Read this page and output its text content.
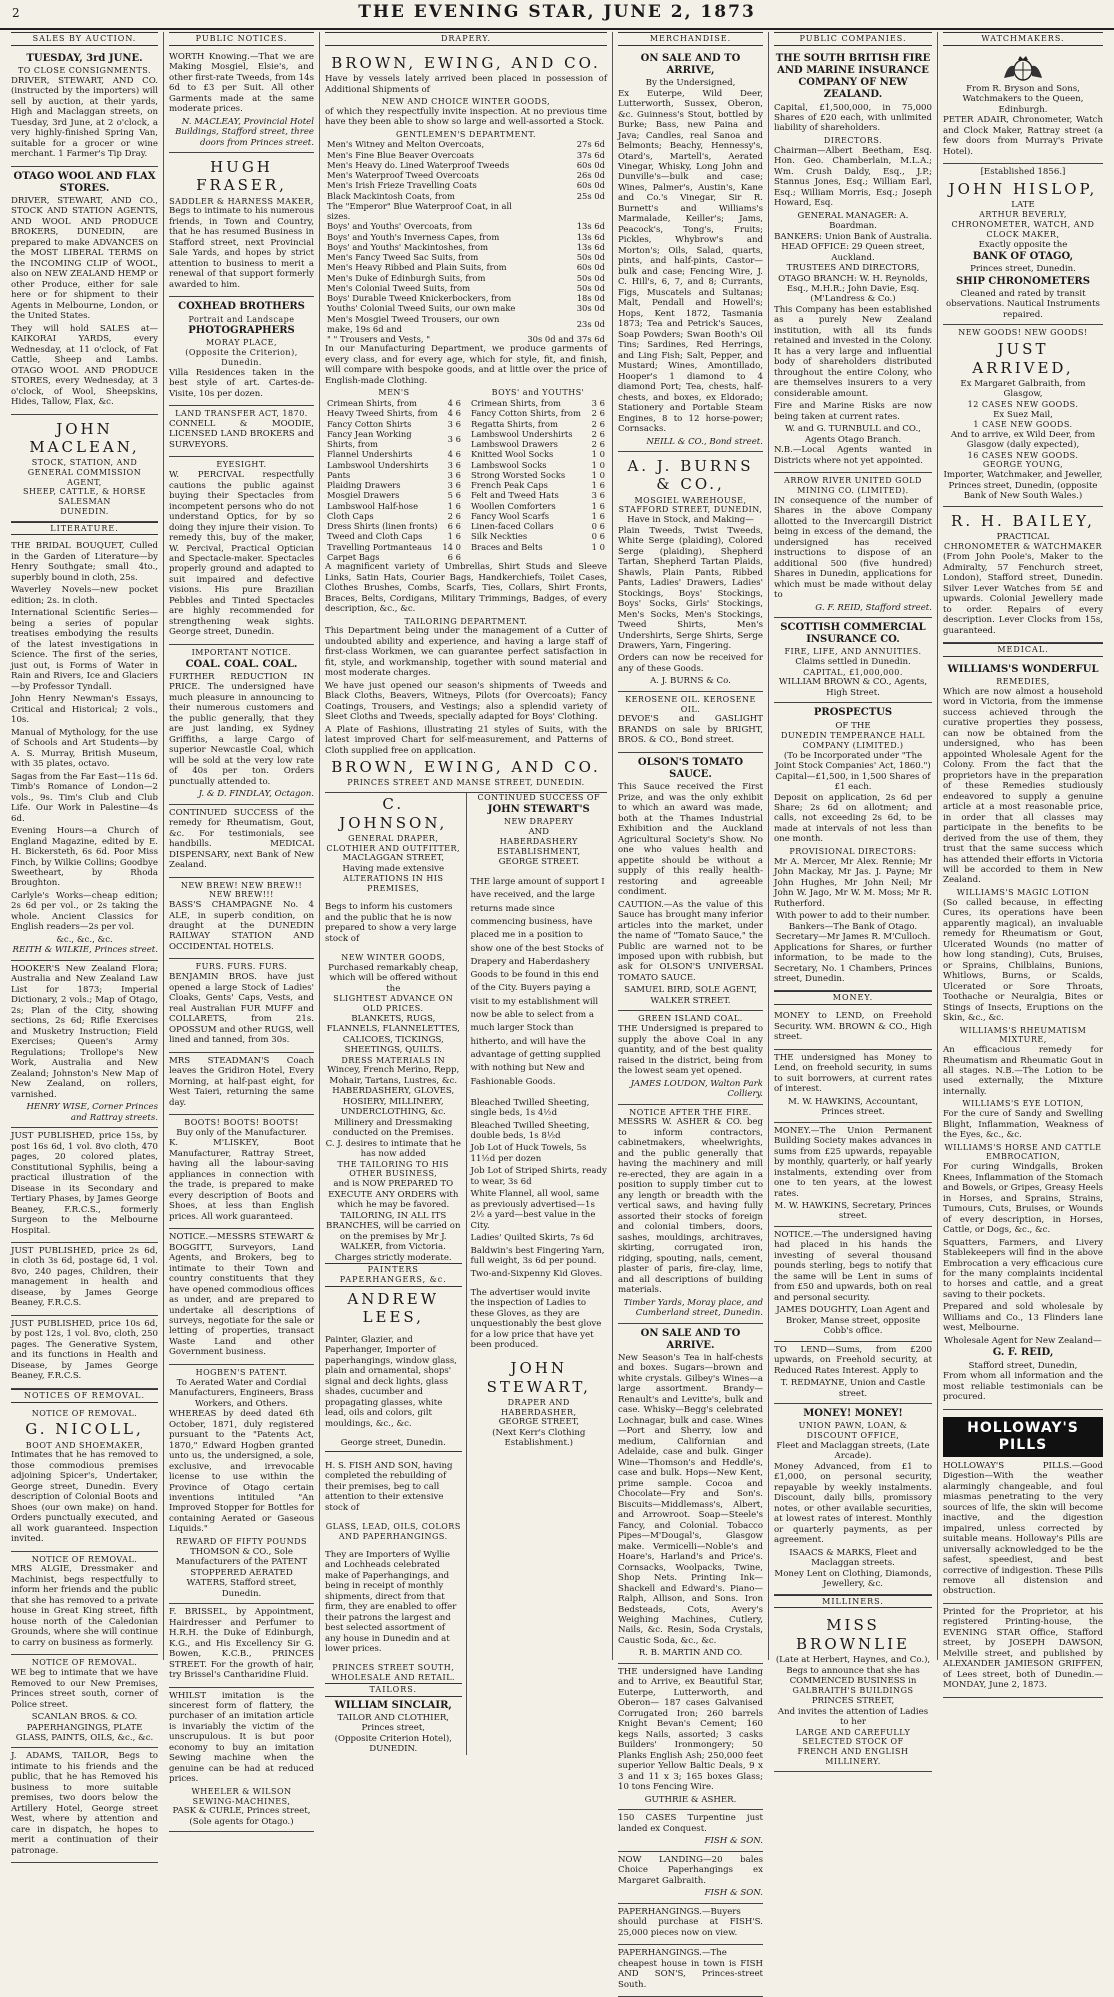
2	THE EVENING STAR, JUNE 2, 1873
SALES BY AUCTION.
TUESDAY, 3rd JUNE.
TO CLOSE CONSIGNMENTS.

DRIVER, STEWART, AND CO. (instructed by the importers) will sell by auction, at their yards, High and Maclaggan streets, on Tuesday, 3rd June, at 2 o'clock, a very highly-finished Spring Van, suitable for a grocer or wine merchant. 1 Farmer's Tip Dray.

OTAGO WOOL AND FLAX STORES.

DRIVER, STEWART, AND CO., STOCK AND STATION AGENTS, AND WOOL AND PRODUCE BROKERS, DUNEDIN, are prepared to make ADVANCES on the MOST LIBERAL TERMS on the INCOMING CLIP of WOOL, also on NEW ZEALAND HEMP or other Produce, either for sale here or for shipment to their Agents in Melbourne, London, or the United States.

They will hold SALES at— KAIKORAI YARDS, every Wednesday, at 11 o'clock, of Fat Cattle, Sheep and Lambs. OTAGO WOOL AND PRODUCE STORES, every Wednesday, at 3 o'clock, of Wool, Sheepskins, Hides, Tallow, Flax, &c.

JOHN MACLEAN,
STOCK, STATION, AND
GENERAL COMMISSION AGENT,
SHEEP, CATTLE, & HORSE SALESMAN
DUNEDIN.
LITERATURE.

THE BRIDAL BOUQUET, Culled in the Garden of Literature—by Henry Southgate; small 4to., superbly bound in cloth, 25s.

Waverley Novels—new pocket edition; 2s. in cloth.

International Scientific Series—being a series of popular treatises embodying the results of the latest investigations in Science. The first of the series, just out, is Forms of Water in Rain and Rivers, Ice and Glaciers—by Professor Tyndall.

John Henry Newman's Essays, Critical and Historical; 2 vols., 10s.

Manual of Mythology, for the use of Schools and Art Students—by A. S. Murray, British Museum, with 35 plates, octavo.

Sagas from the Far East—11s 6d. Timb's Romance of London—2 vols., 9s. Tim's Club and Club Life. Our Work in Palestine—4s 6d.

Evening Hours—a Church of England Magazine, edited by E. H. Bickersteth, 6s 6d. Poor Miss Finch, by Wilkie Collins; Goodbye Sweetheart, by Rhoda Broughton.

Carlyle's Works—cheap edition; 2s 6d per vol., or 2s taking the whole. Ancient Classics for English readers—2s per vol.

&c., &c., &c.
REITH & WILKIE, Princes street.

HOOKER'S New Zealand Flora; Australia and New Zealand Law List for 1873; Imperial Dictionary, 2 vols.; Map of Otago, 2s; Plan of the City, showing sections, 2s 6d; Rifle Exercises and Musketry Instruction; Field Exercises; Queen's Army Regulations; Trollope's New Work, Australia and New Zealand; Johnston's New Map of New Zealand, on rollers, varnished.

HENRY WISE, Corner Princes and Rattray streets.

JUST PUBLISHED, price 15s, by post 16s 6d, 1 vol. 8vo cloth, 470 pages, 20 colored plates, Constitutional Syphilis, being a practical illustration of the Disease in its Secondary and Tertiary Phases, by James George Beaney, F.R.C.S., formerly Surgeon to the Melbourne Hospital.

JUST PUBLISHED, price 2s 6d, in cloth 3s 6d, postage 6d, 1 vol. 8vo, 240 pages, Children, their management in health and disease, by James George Beaney, F.R.C.S.

JUST PUBLISHED, price 10s 6d, by post 12s, 1 vol. 8vo, cloth, 250 pages. The Generative System, and its functions in Health and Disease, by James George Beaney, F.R.C.S.

NOTICES OF REMOVAL.
NOTICE OF REMOVAL.
G. NICOLL,
BOOT AND SHOEMAKER,

Intimates that he has removed to those commodious premises adjoining Spicer's, Undertaker, George street, Dunedin. Every description of Colonial Boots and Shoes (our own make) on hand. Orders punctually executed, and all work guaranteed. Inspection invited.

NOTICE OF REMOVAL.

MRS ALGIE, Dressmaker and Machinist, begs respectfully to inform her friends and the public that she has removed to a private house in Great King street, fifth house north of the Caledonian Grounds, where she will continue to carry on business as formerly.

NOTICE OF REMOVAL.

WE beg to intimate that we have Removed to our New Premises, Princes street south, corner of Police street.

SCANLAN BROS. & CO.
PAPERHANGINGS, PLATE GLASS, PAINTS, OILS, &c., &c.

J. ADAMS, TAILOR, Begs to intimate to his friends and the public, that he has Removed his business to more suitable premises, two doors below the Artillery Hotel, George street West, where by attention and care in dispatch, he hopes to merit a continuation of their patronage.

PUBLIC NOTICES.

WORTH Knowing.—That we are Making Mosgiel, Elsie's, and other first-rate Tweeds, from 14s 6d to £3 per Suit. All other Garments made at the same moderate prices.

N. MACLEAY, Provincial Hotel Buildings, Stafford street, three doors from Princes street.
HUGH FRASER,
SADDLER & HARNESS MAKER,

Begs to intimate to his numerous friends, in Town and Country, that he has resumed Business in Stafford street, next Provincial Sale Yards, and hopes by strict attention to business to merit a renewal of that support formerly awarded to him.

COXHEAD BROTHERS
Portrait and Landscape
PHOTOGRAPHERS
MORAY PLACE,
(Opposite the Criterion), Dunedin.

Villa Residences taken in the best style of art. Cartes-de-Visite, 10s per dozen.

LAND TRANSFER ACT, 1870.

CONNELL & MOODIE, LICENSED LAND BROKERS and SURVEYORS.

EYESIGHT.

W. PERCIVAL respectfully cautions the public against buying their Spectacles from incompetent persons who do not understand Optics, for by so doing they injure their vision. To remedy this, buy of the maker, W. Percival, Practical Optician and Spectacle-maker. Spectacles properly ground and adapted to suit impaired and defective visions. His pure Brazilian Pebbles and Tinted Spectacles are highly recommended for strengthening weak sights. George street, Dunedin.

IMPORTANT NOTICE.
COAL. COAL. COAL.

FURTHER REDUCTION IN PRICE. The undersigned have much pleasure in announcing to their numerous customers and the public generally, that they are just landing, ex Sydney Griffiths, a large Cargo of superior Newcastle Coal, which will be sold at the very low rate of 40s per ton. Orders punctually attended to.

J. & D. FINDLAY, Octagon.

CONTINUED SUCCESS of the remedy for Rheumatism, Gout, &c. For testimonials, see handbills. MEDICAL DISPENSARY, next Bank of New Zealand.

NEW BREW! NEW BREW!! NEW BREW!!!

BASS'S CHAMPAGNE No. 4 ALE, in superb condition, on draught at the DUNEDIN RAILWAY STATION AND OCCIDENTAL HOTELS.

FURS. FURS. FURS.

BENJAMIN BROS. have just opened a large Stock of Ladies' Cloaks, Gents' Caps, Vests, and real Australian FUR MUFF and COLLARETS, from 21s. OPOSSUM and other RUGS, well lined and tanned, from 30s.

MRS STEADMAN'S Coach leaves the Gridiron Hotel, Every Morning, at half-past eight, for West Taieri, returning the same day.

BOOTS! BOOTS! BOOTS!
Buy only of the Manufacturer.

K. M'LISKEY, Boot Manufacturer, Rattray Street, having all the labour-saving appliances in connection with the trade, is prepared to make every description of Boots and Shoes, at less than English prices. All work guaranteed.

NOTICE.—MESSRS STEWART & BOGGITT, Surveyors, Land Agents, and Brokers, beg to intimate to their Town and country constituents that they have opened commodious offices as under, and are prepared to undertake all descriptions of surveys, negotiate for the sale or letting of properties, transact Waste Land and other Government business.

HOGBEN'S PATENT.
To Aerated Water and Cordial Manufacturers, Engineers, Brass Workers, and Others.

WHEREAS by deed dated 6th October, 1871, duly registered pursuant to the "Patents Act, 1870," Edward Hogben granted unto us, the undersigned, a sole, exclusive, and irrevocable license to use within the Province of Otago certain inventions intituled "An Improved Stopper for Bottles for containing Aerated or Gaseous Liquids."

REWARD OF FIFTY POUNDS
THOMSON & CO., Sole Manufacturers of the PATENT STOPPERED AERATED WATERS, Stafford street, Dunedin.

F. BRISSEL, by Appointment, Hairdresser and Perfumer to H.R.H. the Duke of Edinburgh, K.G., and His Excellency Sir G. Bowen, K.C.B., PRINCES STREET. For the growth of hair, try Brissel's Cantharidine Fluid.

WHILST imitation is the sincerest form of flattery, the purchaser of an imitation article is invariably the victim of the unscrupulous. It is but poor economy to buy an imitation Sewing machine when the genuine can be had at reduced prices.

WHEELER & WILSON SEWING-MACHINES,
PASK & CURLE, Princes street, (Sole agents for Otago.)
DRAPERY.
BROWN, EWING, AND CO.

Have by vessels lately arrived been placed in possession of Additional Shipments of

NEW AND CHOICE WINTER GOODS,

of which they respectfully invite inspection. At no previous time have they been able to show so large and well-assorted a Stock.

GENTLEMEN'S DEPARTMENT.
Men's Witney and Melton Overcoats,	27s 6d
Men's Fine Blue Beaver Overcoats	37s 6d
Men's Heavy do. Lined Waterproof Tweeds	60s 0d
Men's Waterproof Tweed Overcoats	26s 0d
Men's Irish Frieze Travelling Coats	60s 0d
Black Mackintosh Coats, from	25s 0d
The "Emperor" Blue Waterproof Coat, in all sizes.	
Boys' and Youths' Overcoats, from	13s 6d
Boys' and Youth's Inverness Capes, from	13s 6d
Boys' and Youths' Mackintoshes, from	13s 6d
Men's Fancy Tweed Sac Suits, from	50s 0d
Men's Heavy Ribbed and Plain Suits, from	60s 0d
Men's Duke of Edinburgh Suits, from	50s 0d
Men's Colonial Tweed Suits, from	50s 0d
Boys' Durable Tweed Knickerbockers, from	18s 0d
Youths' Colonial Tweed Suits, our own make	30s 0d
Men's Mosgiel Tweed Trousers, our own make, 19s 6d and	23s 0d
" " Trousers and Vests, "	30s 0d and 37s 6d

In our Manufacturing Department, we produce garments of every class, and for every age, which for style, fit, and finish, will compare with bespoke goods, and at little over the price of English-made Clothing.

MEN'S
Crimean Shirts, from	4 6
Heavy Tweed Shirts, from	4 6
Fancy Cotton Shirts	3 6
Fancy Jean Working Shirts, from	3 6
Flannel Undershirts	4 6
Lambswool Undershirts	3 6
Pants	3 6
Plaiding Drawers	3 6
Mosgiel Drawers	5 6
Lambswool Half-hose	1 6
Cloth Caps	2 6
Dress Shirts (linen fronts)	6 6
Tweed and Cloth Caps	1 6
Travelling Portmanteaus	14 0
Carpet Bags	6 6
BOYS' and YOUTHS'
Crimean Shirts, from	3 6
Fancy Cotton Shirts, from	2 6
Regatta Shirts, from	2 6
Lambswool Undershirts	2 6
Lambswool Drawers	2 6
Knitted Wool Socks	1 0
Lambswool Socks	1 0
Strong Worsted Socks	1 0
French Peak Caps	1 6
Felt and Tweed Hats	3 6
Woollen Comforters	1 6
Fancy Wool Scarfs	1 6
Linen-faced Collars	0 6
Silk Neckties	0 6
Braces and Belts	1 0

A magnificent variety of Umbrellas, Shirt Studs and Sleeve Links, Satin Hats, Courier Bags, Handkerchiefs, Toilet Cases, Clothes Brushes, Combs, Scarfs, Ties, Collars, Shirt Fronts, Braces, Belts, Cordigans, Military Trimmings, Badges, of every description, &c., &c.

TAILORING DEPARTMENT.

This Department being under the management of a Cutter of undoubted ability and experience, and having a large staff of first-class Workmen, we can guarantee perfect satisfaction in fit, style, and workmanship, together with sound material and most moderate charges.

We have just opened our season's shipments of Tweeds and Black Cloths, Beavers, Witneys, Pilots (for Overcoats); Fancy Coatings, Trousers, and Vestings; also a splendid variety of Sleet Cloths and Tweeds, specially adapted for Boys' Clothing.

A Plate of Fashions, illustrating 21 styles of Suits, with the latest improved Chart for self-measurement, and Patterns of Cloth supplied free on application.

BROWN, EWING, AND CO.
PRINCES STREET AND MANSE STREET, DUNEDIN.
C. JOHNSON,
GENERAL DRAPER,
CLOTHIER AND OUTFITTER,
MACLAGGAN STREET,
Having made extensive
ALTERATIONS IN HIS PREMISES,

Begs to inform his customers and the public that he is now prepared to show a very large stock of

NEW WINTER GOODS,
Purchased remarkably cheap, which will be offered without the
SLIGHTEST ADVANCE ON OLD PRICES.
BLANKETS, RUGS, FLANNELS, FLANNELETTES, CALICOES, TICKINGS, SHEETINGS, QUILTS.
DRESS MATERIALS IN
Wincey, French Merino, Repp, Mohair, Tartans, Lustres, &c.
HABERDASHERY, GLOVES, HOSIERY, MILLINERY, UNDERCLOTHING, &c.
Millinery and Dressmaking conducted on the Premises.
C. J. desires to intimate that he has now added
THE TAILORING TO HIS OTHER BUSINESS,
and is NOW PREPARED TO EXECUTE ANY ORDERS with which he may be favored.
TAILORING, IN ALL ITS BRANCHES, will be carried on on the premises by Mr J. WALKER, from Victoria.
Charges strictly moderate.
PAINTERS PAPERHANGERS, &c.
ANDREW LEES,

Painter, Glazier, and Paperhanger, Importer of paperhangings, window glass, plain and ornamental, shops' signal and deck lights, glass shades, cucumber and propagating glasses, white lead, oils and colors, gilt mouldings, &c., &c.

George street, Dunedin.

H. S. FISH AND SON, having completed the rebuilding of their premises, beg to call attention to their extensive stock of

GLASS, LEAD, OILS, COLORS AND PAPERHANGINGS.

They are Importers of Wyllie and Lochheads celebrated make of Paperhangings, and being in receipt of monthly shipments, direct from that firm, they are enabled to offer their patrons the largest and best selected assortment of any house in Dunedin and at lower prices.

PRINCES STREET SOUTH, WHOLESALE AND RETAIL.
TAILORS.
WILLIAM SINCLAIR,
TAILOR AND CLOTHIER,
Princes street,
(Opposite Criterion Hotel),
DUNEDIN.
CONTINUED SUCCESS OF
JOHN STEWART'S
NEW DRAPERY
AND
HABERDASHERY ESTABLISHMENT,
GEORGE STREET.

THE large amount of support I have received, and the large returns made since commencing business, have placed me in a position to show one of the best Stocks of Drapery and Haberdashery Goods to be found in this end of the City. Buyers paying a visit to my establishment will now be able to select from a much larger Stock than hitherto, and will have the advantage of getting supplied with nothing but New and Fashionable Goods.

Bleached Twilled Sheeting, single beds, 1s 4½d

Bleached Twilled Sheeting, double beds, 1s 8½d

Job Lot of Huck Towels, 5s 11½d per dozen

Job Lot of Striped Shirts, ready to wear, 3s 6d

White Flannel, all wool, same as previously advertised—1s 2½ a yard—best value in the City.

Ladies' Quilted Skirts, 7s 6d

Baldwin's best Fingering Yarn, full weight, 3s 6d per pound.

Two-and-Sixpenny Kid Gloves.

The advertiser would invite the inspection of Ladies to these Gloves, as they are unquestionably the best glove for a low price that have yet been produced.

JOHN STEWART,
DRAPER AND HABERDASHER,
GEORGE STREET,
(Next Kerr's Clothing Establishment.)
MERCHANDISE.
ON SALE AND TO ARRIVE,
By the Undersigned,

Ex Euterpe, Wild Deer, Lutterworth, Sussex, Oberon, &c. Guinness's Stout, bottled by Burke; Bass, new Paina and Java; Candles, real Sanoa and Belmonts; Beachy, Hennessy's, Otard's, Martell's, Aerated Vinegar, Whisky, Long John and Dunville's—bulk and case; Wines, Palmer's, Austin's, Kane and Co.'s Vinegar, Sir R. Burnett's and Williams's Marmalade, Keiller's; Jams, Peacock's, Tong's, Fruits; Pickles, Whybrow's and Morton's; Oils, Salad, quarts, pints, and half-pints, Castor—bulk and case; Fencing Wire, J. C. Hill's, 6, 7, and 8; Currants, Figs, Muscatels and Sultanas; Malt, Pendall and Howell's; Hops, Kent 1872, Tasmania 1873; Tea and Petrick's Sauces, Soap Powders; Swan Booth's Oil Tins; Sardines, Red Herrings, and Ling Fish; Salt, Pepper, and Mustard; Wines, Amontillado, Hooper's 1 diamond to 4 diamond Port; Tea, chests, half-chests, and boxes, ex Eldorado; Stationery and Portable Steam Engines, 8 to 12 horse-power; Cornsacks.

NEILL & CO., Bond street.
A. J. BURNS & CO.,
MOSGIEL WAREHOUSE,
STAFFORD STREET, DUNEDIN,
Have in Stock, and Making—

Plain Tweeds, Twist Tweeds, White Serge (plaiding), Colored Serge (plaiding), Shepherd Tartan, Shepherd Tartan Plaids, Shawls, Plain Pants, Ribbed Pants, Ladies' Drawers, Ladies' Stockings, Boys' Stockings, Boys' Socks, Girls' Stockings, Men's Socks, Men's Stockings, Tweed Shirts, Men's Undershirts, Serge Shirts, Serge Drawers, Yarn, Fingering.

Orders can now be received for any of these Goods.

A. J. BURNS & Co.
KEROSENE OIL. KEROSENE OIL.

DEVOE'S and GASLIGHT BRANDS on sale by BRIGHT, BROS. & CO., Bond street.

OLSON'S TOMATO SAUCE.

This Sauce received the First Prize, and was the only exhibit to which an award was made, both at the Thames Industrial Exhibition and the Auckland Agricultural Society's Show. No one who values health and appetite should be without a supply of this really health-restoring and agreeable condiment.

CAUTION.—As the value of this Sauce has brought many inferior articles into the market, under the name of "Tomato Sauce," the Public are warned not to be imposed upon with rubbish, but ask for OLSON'S UNIVERSAL TOMATO SAUCE.

SAMUEL BIRD, SOLE AGENT, WALKER STREET.
GREEN ISLAND COAL.

THE Undersigned is prepared to supply the above Coal in any quantity, and of the best quality raised in the district, being from the lowest seam yet opened.

JAMES LOUDON, Walton Park Colliery.
NOTICE AFTER THE FIRE.

MESSRS W. ASHER & CO. beg to inform contractors, cabinetmakers, wheelwrights, and the public generally that having the machinery and mill re-erected, they are again in a position to supply timber cut to any length or breadth with the vertical saws, and having fully assorted their stocks of foreign and colonial timbers, doors, sashes, mouldings, architraves, skirting, corrugated iron, ridging, spouting, nails, cement, plaster of paris, fire-clay, lime, and all descriptions of building materials.

Timber Yards, Moray place, and Cumberland street, Dunedin.
ON SALE AND TO ARRIVE.

New Season's Tea in half-chests and boxes. Sugars—brown and white crystals. Gilbey's Wines—a large assortment. Brandy—Renault's and Levitte's, bulk and case. Whisky—Begg's celebrated Lochnagar, bulk and case. Wines—Port and Sherry, low and medium, Californian and Adelaide, case and bulk. Ginger Wine—Thomson's and Heddle's, case and bulk. Hops—New Kent, prime sample. Cocoa and Chocolate—Fry and Son's. Biscuits—Middlemass's, Albert, and Arrowroot. Soap—Steele's Fancy, and Colonial. Tobacco Pipes—M'Dougal's, Glasgow make. Vermicelli—Noble's and Hoare's, Harland's and Price's. Cornsacks, Woolpacks, Twine, Shop Nets. Printing Ink—Shackell and Edward's. Piano—Ralph, Allison, and Sons. Iron Bedsteads, Cots, Avery's Weighing Machines, Cutlery, Nails, &c. Resin, Soda Crystals, Caustic Soda, &c., &c.

R. B. MARTIN AND CO.

THE undersigned have Landing and to Arrive, ex Beautiful Star, Euterpe, Lutterworth, and Oberon— 187 cases Galvanised Corrugated Iron; 260 barrels Knight Bevan's Cement; 160 kegs Nails, assorted; 3 casks Builders' Ironmongery; 50 Planks English Ash; 250,000 feet superior Yellow Baltic Deals, 9 x 3 and 11 x 3; 165 boxes Glass; 10 tons Fencing Wire.

GUTHRIE & ASHER.

150 CASES Turpentine just landed ex Conquest.

FISH & SON.

NOW LANDING—20 bales Choice Paperhangings ex Margaret Galbraith.

FISH & SON.

PAPERHANGINGS.—Buyers should purchase at FISH'S. 25,000 pieces now on view.

PAPERHANGINGS.—The cheapest house in town is FISH AND SON'S, Princes-street South.

PUBLIC COMPANIES.
THE SOUTH BRITISH FIRE AND MARINE INSURANCE COMPANY OF NEW ZEALAND.

Capital, £1,500,000, in 75,000 Shares of £20 each, with unlimited liability of shareholders.

DIRECTORS.

Chairman—Albert Beetham, Esq. Hon. Geo. Chamberlain, M.L.A.; Wm. Crush Daldy, Esq., J.P.; Stannus Jones, Esq.; William Earl, Esq.; William Morris, Esq.; Joseph Howard, Esq.

GENERAL MANAGER: A. Boardman.
BANKERS: Union Bank of Australia.
HEAD OFFICE: 29 Queen street, Auckland.
TRUSTEES AND DIRECTORS, OTAGO BRANCH: W. H. Reynolds, Esq., M.H.R.; John Davie, Esq. (M'Landress & Co.)

This Company has been established as a purely New Zealand institution, with all its funds retained and invested in the Colony. It has a very large and influential body of shareholders distributed throughout the entire Colony, who are themselves insurers to a very considerable amount.

Fire and Marine Risks are now being taken at current rates.

W. and G. TURNBULL and CO., Agents Otago Branch.

N.B.—Local Agents wanted in Districts where not yet appointed.

ARROW RIVER UNITED GOLD MINING CO. (LIMITED).

IN consequence of the number of Shares in the above Company allotted to the Invercargill District being in excess of the demand, the undersigned has received instructions to dispose of an additional 500 (five hundred) Shares in Dunedin, applications for which must be made without delay to

G. F. REID, Stafford street.
SCOTTISH COMMERCIAL INSURANCE CO.
FIRE, LIFE, AND ANNUITIES.
Claims settled in Dunedin.
CAPITAL, £1,000,000.
WILLIAM BROWN & CO., Agents, High Street.
PROSPECTUS
OF THE
DUNEDIN TEMPERANCE HALL COMPANY (LIMITED.)
(To be Incorporated under "The Joint Stock Companies' Act, 1860.")
Capital—£1,500, in 1,500 Shares of £1 each.

Deposit on application, 2s 6d per Share; 2s 6d on allotment; and calls, not exceeding 2s 6d, to be made at intervals of not less than one month.

PROVISIONAL DIRECTORS:

Mr A. Mercer, Mr Alex. Rennie; Mr John Mackay, Mr Jas. J. Payne; Mr John Hughes, Mr John Neil; Mr John W. Jago, Mr W. M. Moss; Mr R. Rutherford.

With power to add to their number.
Bankers—The Bank of Otago.
Secretary—Mr James R. M'Culloch.

Applications for Shares, or further information, to be made to the Secretary, No. 1 Chambers, Princes street, Dunedin.

MONEY.

MONEY to LEND, on Freehold Security. WM. BROWN & CO., High street.

THE undersigned has Money to Lend, on freehold security, in sums to suit borrowers, at current rates of interest.

M. W. HAWKINS, Accountant, Princes street.

MONEY.—The Union Permanent Building Society makes advances in sums from £25 upwards, repayable by monthly, quarterly, or half yearly instalments, extending over from one to ten years, at the lowest rates.

M. W. HAWKINS, Secretary, Princes street.

NOTICE.—The undersigned having had placed in his hands the investing of several thousand pounds sterling, begs to notify that the same will be Lent in sums of from £50 and upwards, both on real and personal security.

JAMES DOUGHTY, Loan Agent and Broker, Manse street, opposite Cobb's office.

TO LEND—Sums, from £200 upwards, on Freehold security, at Reduced Rates Interest. Apply to

T. REDMAYNE, Union and Castle street.
MONEY! MONEY!
UNION PAWN, LOAN, & DISCOUNT OFFICE,
Fleet and Maclaggan streets, (Late Arcade).

Money Advanced, from £1 to £1,000, on personal security, repayable by weekly instalments. Discount, daily bills, promissory notes, or other available securities, at lowest rates of interest. Monthly or quarterly payments, as per agreement.

ISAACS & MARKS, Fleet and Maclaggan streets.
Money Lent on Clothing, Diamonds, Jewellery, &c.
MILLINERS.
MISS BROWNLIE
(Late at Herbert, Haynes, and Co.),
Begs to announce that she has COMMENCED BUSINESS in
GALBRAITH'S BUILDINGS
PRINCES STREET,
And invites the attention of Ladies to her
LARGE AND CAREFULLY SELECTED STOCK OF
FRENCH AND ENGLISH MILLINERY.
WATCHMAKERS.
From R. Bryson and Sons, Watchmakers to the Queen, Edinburgh.

PETER ADAIR, Chronometer, Watch and Clock Maker, Rattray street (a few doors from Murray's Private Hotel).

[Established 1856.]
JOHN HISLOP,
LATE
ARTHUR BEVERLY,
CHRONOMETER, WATCH, AND CLOCK MAKER,
Exactly opposite the
BANK OF OTAGO,
Princes street, Dunedin.
SHIP CHRONOMETERS
Cleaned and rated by transit observations. Nautical Instruments repaired.
NEW GOODS! NEW GOODS!
JUST ARRIVED,
Ex Margaret Galbraith, from Glasgow,
12 CASES NEW GOODS.
Ex Suez Mail,
1 CASE NEW GOODS.
And to arrive, ex Wild Deer, from Glasgow (daily expected),
16 CASES NEW GOODS.
GEORGE YOUNG,
Importer, Watchmaker, and Jeweller, Princes street, Dunedin, (opposite Bank of New South Wales.)
R. H. BAILEY,
PRACTICAL
CHRONOMETER & WATCHMAKER

(From John Poole's, Maker to the Admiralty, 57 Fenchurch street, London), Stafford street, Dunedin. Silver Lever Watches from 5£ and upwards. Colonial Jewellery made to order. Repairs of every description. Lever Clocks from 15s, guaranteed.

MEDICAL.
WILLIAMS'S WONDERFUL
REMEDIES,

Which are now almost a household word in Victoria, from the immense success achieved through the curative properties they possess, can now be obtained from the undersigned, who has been appointed Wholesale Agent for the Colony. From the fact that the proprietors have in the preparation of these Remedies studiously endeavored to supply a genuine article at a most reasonable price, in order that all classes may participate in the benefits to be derived from the use of them, they trust that the same success which has attended their efforts in Victoria will be accorded to them in New Zealand.

WILLIAMS'S MAGIC LOTION

(So called because, in effecting Cures, its operations have been apparently magical), an invaluable remedy for Rheumatism or Gout, Ulcerated Wounds (no matter of how long standing), Cuts, Bruises, or Sprains, Chilblains, Bunions, Whitlows, Burns, or Scalds, Ulcerated or Sore Throats, Toothache or Neuralgia, Bites or Stings of Insects, Eruptions on the Skin, &c., &c.

WILLIAMS'S RHEUMATISM MIXTURE,

An efficacious remedy for Rheumatism and Rheumatic Gout in all stages. N.B.—The Lotion to be used externally, the Mixture internally.

WILLIAMS'S EYE LOTION,

For the cure of Sandy and Swelling Blight, Inflammation, Weakness of the Eyes, &c., &c.

WILLIAMS'S HORSE AND CATTLE EMBROCATION,

For curing Windgalls, Broken Knees, Inflammation of the Stomach and Bowels, or Gripes, Greasy Heels in Horses, and Sprains, Strains, Tumours, Cuts, Bruises, or Wounds of every description, in Horses, Cattle, or Dogs, &c., &c.

Squatters, Farmers, and Livery Stablekeepers will find in the above Embrocation a very efficacious cure for the many complaints incidental to horses and cattle, and a great saving to their pockets.

Prepared and sold wholesale by Williams and Co., 13 Flinders lane west, Melbourne.

Wholesale Agent for New Zealand—
G. F. REID,
Stafford street, Dunedin,

From whom all information and the most reliable testimonials can be procured.

HOLLOWAY'S PILLS

HOLLOWAY'S PILLS.—Good Digestion—With the weather alarmingly changeable, and foul miasmas penetrating to the very sources of life, the skin will become inactive, and the digestion impaired, unless corrected by suitable means. Holloway's Pills are universally acknowledged to be the safest, speediest, and best corrective of indigestion. These Pills remove all distension and obstruction.

Printed for the Proprietor, at his registered Printing-house, the EVENING STAR Office, Stafford street, by JOSEPH DAWSON, Melville street, and published by ALEXANDER JAMIESON GRIFFEN, of Lees street, both of Dunedin.—MONDAY, June 2, 1873.
